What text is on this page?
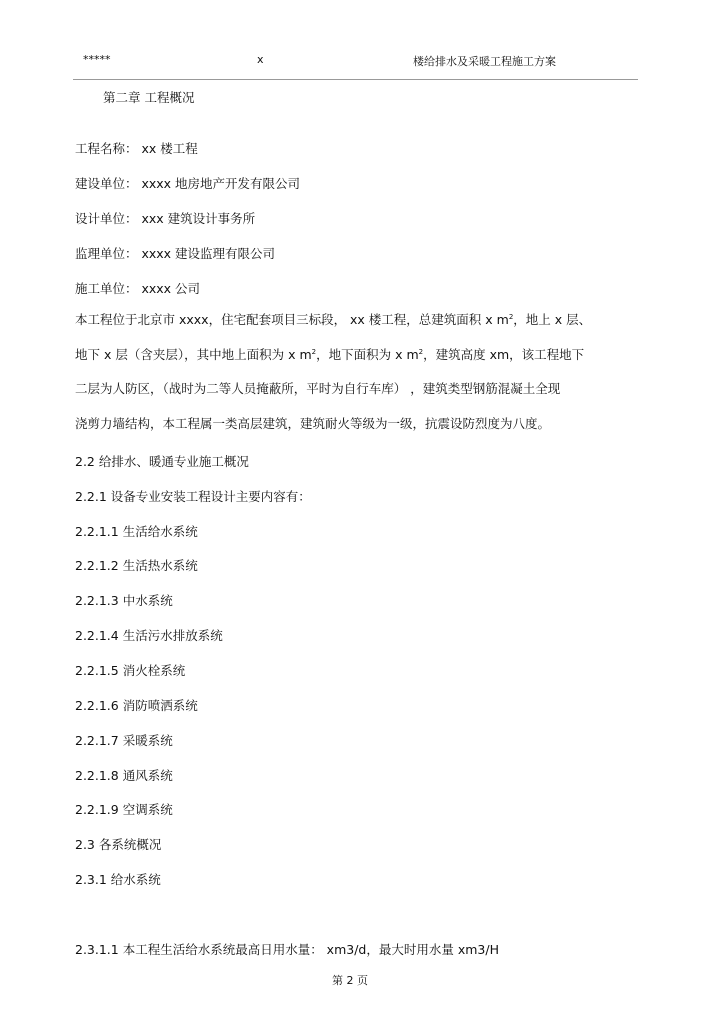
*****	x	楼给排水及采暖工程施工方案
第二章 工程概况
工程名称： xx 楼工程
建设单位： xxxx 地房地产开发有限公司
设计单位： xxx 建筑设计事务所
监理单位： xxxx 建设监理有限公司
施工单位： xxxx 公司

本工程位于北京市 xxxx，住宅配套项目三标段， xx 楼工程，总建筑面积 x $m^2$，地上 x 层、

地下 x 层（含夹层），其中地上面积为 x $m^2$，地下面积为 x $m^2$，建筑高度 xm，该工程地下

二层为人防区，（战时为二等人员掩蔽所，平时为自行车库） ，建筑类型钢筋混凝土全现

浇剪力墙结构，本工程属一类高层建筑，建筑耐火等级为一级，抗震设防烈度为八度。

2.2 给排水、暖通专业施工概况
2.2.1 设备专业安装工程设计主要内容有：
2.2.1.1 生活给水系统
2.2.1.2 生活热水系统
2.2.1.3 中水系统
2.2.1.4 生活污水排放系统
2.2.1.5 消火栓系统
2.2.1.6 消防喷洒系统
2.2.1.7 采暖系统
2.2.1.8 通风系统
2.2.1.9 空调系统
2.3 各系统概况
2.3.1 给水系统
2.3.1.1 本工程生活给水系统最高日用水量： xm3/d，最大时用水量 xm3/H
第 2 页
